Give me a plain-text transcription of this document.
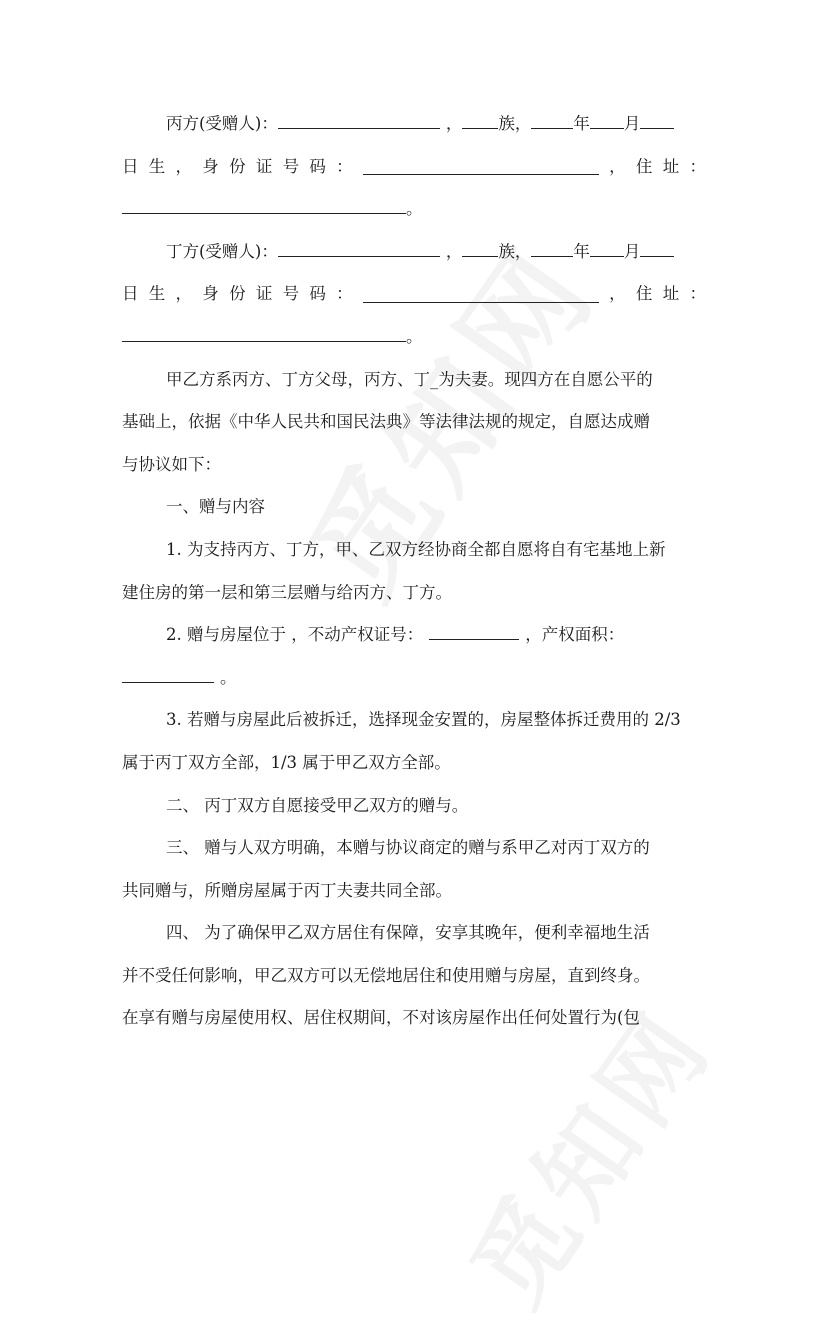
丙方(受赠人)：	， 族，	年 月
日 生 ， 身 份 证 号 码 ：	， 住 址 ：
。
丁方(受赠人)：	， 族，	年 月
日 生 ， 身 份 证 号 码 ：	， 住 址 ：
。
甲乙方系丙方、丁方父母，丙方、丁_为夫妻。现四方在自愿公平的
基础上，依据《中华人民共和国民法典》等法律法规的规定，自愿达成赠
与协议如下：
一、赠与内容
1. 为支持丙方、丁方，甲、乙双方经协商全都自愿将自有宅基地上新
建住房的第一层和第三层赠与给丙方、丁方。
2. 赠与房屋位于 ，不动产权证号：	，产权面积：
。
3. 若赠与房屋此后被拆迁，选择现金安置的，房屋整体拆迁费用的 2/3
属于丙丁双方全部，1/3 属于甲乙双方全部。
二、 丙丁双方自愿接受甲乙双方的赠与。
三、 赠与人双方明确，本赠与协议商定的赠与系甲乙对丙丁双方的
共同赠与，所赠房屋属于丙丁夫妻共同全部。
四、 为了确保甲乙双方居住有保障，安享其晚年，便利幸福地生活
并不受任何影响，甲乙双方可以无偿地居住和使用赠与房屋，直到终身。
在享有赠与房屋使用权、居住权期间，不对该房屋作出任何处置行为(包
